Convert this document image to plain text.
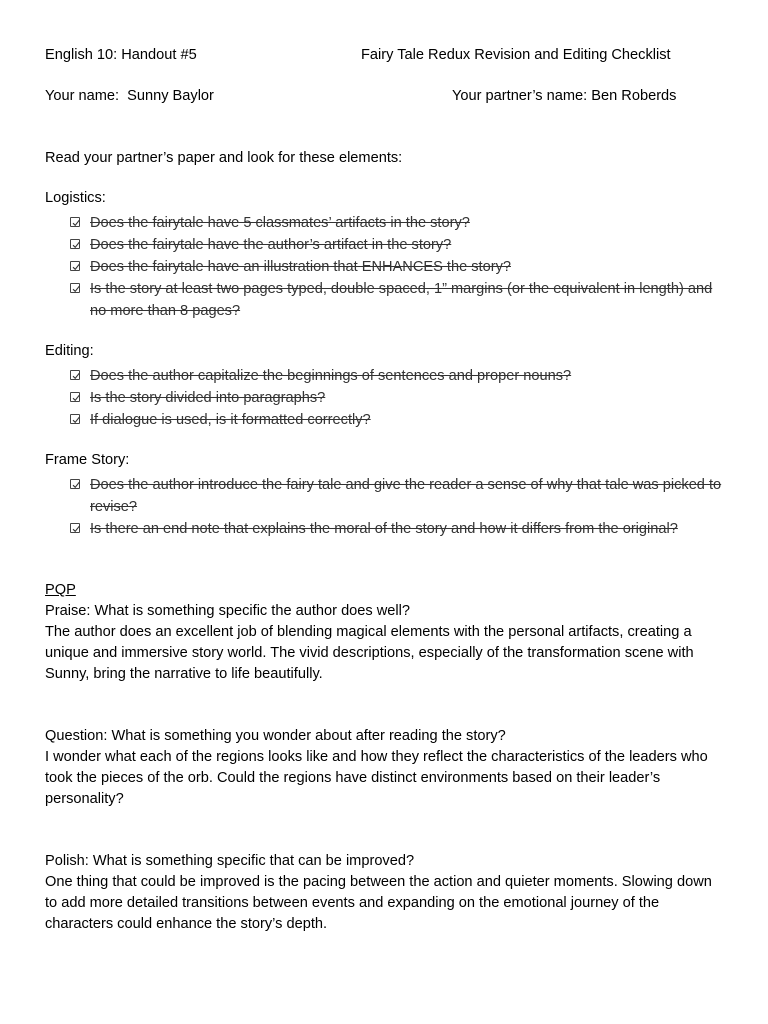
English 10: Handout #5	Fairy Tale Redux Revision and Editing Checklist
Your name: Sunny Baylor	Your partner’s name: Ben Roberds

Read your partner’s paper and look for these elements:

Logistics:

Does the fairytale have 5 classmates’ artifacts in the story?
Does the fairytale have the author’s artifact in the story?
Does the fairytale have an illustration that ENHANCES the story?
Is the story at least two pages typed, double spaced, 1” margins (or the equivalent in length) and no more than 8 pages?

Editing:

Does the author capitalize the beginnings of sentences and proper nouns?
Is the story divided into paragraphs?
If dialogue is used, is it formatted correctly?

Frame Story:

Does the author introduce the fairy tale and give the reader a sense of why that tale was picked to revise?
Is there an end note that explains the moral of the story and how it differs from the original?

PQP

Praise: What is something specific the author does well?

The author does an excellent job of blending magical elements with the personal artifacts, creating a unique and immersive story world. The vivid descriptions, especially of the transformation scene with Sunny, bring the narrative to life beautifully.

Question: What is something you wonder about after reading the story?

I wonder what each of the regions looks like and how they reflect the characteristics of the leaders who took the pieces of the orb. Could the regions have distinct environments based on their leader’s personality?

Polish: What is something specific that can be improved?

One thing that could be improved is the pacing between the action and quieter moments. Slowing down to add more detailed transitions between events and expanding on the emotional journey of the characters could enhance the story’s depth.
